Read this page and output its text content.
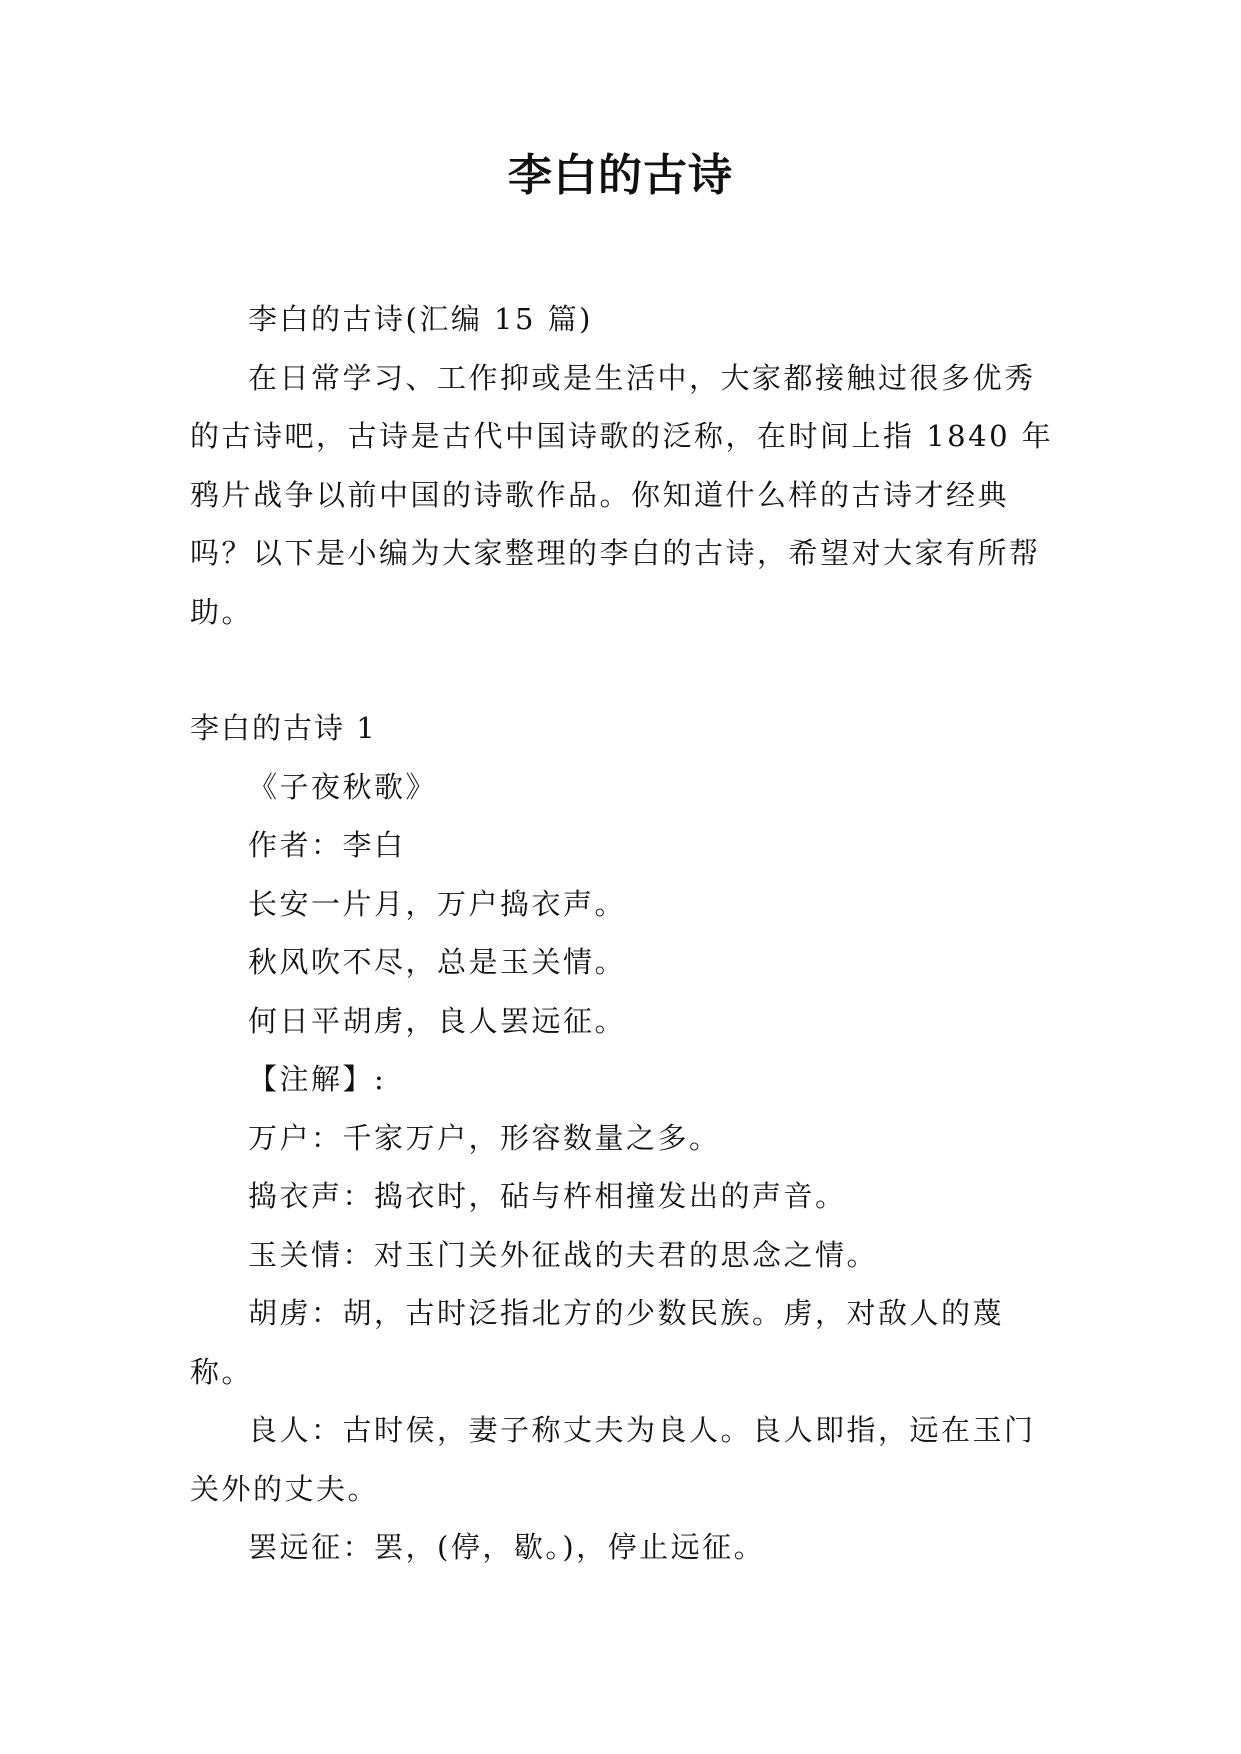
李白的古诗

李白的古诗(汇编 15 篇)

在日常学习、工作抑或是生活中，大家都接触过很多优秀的古诗吧，古诗是古代中国诗歌的泛称，在时间上指 1840 年鸦片战争以前中国的诗歌作品。你知道什么样的古诗才经典吗？以下是小编为大家整理的李白的古诗，希望对大家有所帮助。

李白的古诗 1

《子夜秋歌》

作者：李白

长安一片月，万户捣衣声。

秋风吹不尽，总是玉关情。

何日平胡虏，良人罢远征。

【注解】:

万户：千家万户，形容数量之多。

捣衣声：捣衣时，砧与杵相撞发出的声音。

玉关情：对玉门关外征战的夫君的思念之情。

胡虏：胡，古时泛指北方的少数民族。虏，对敌人的蔑称。

良人：古时侯，妻子称丈夫为良人。良人即指，远在玉门关外的丈夫。

罢远征：罢，(停，歇。)，停止远征。
